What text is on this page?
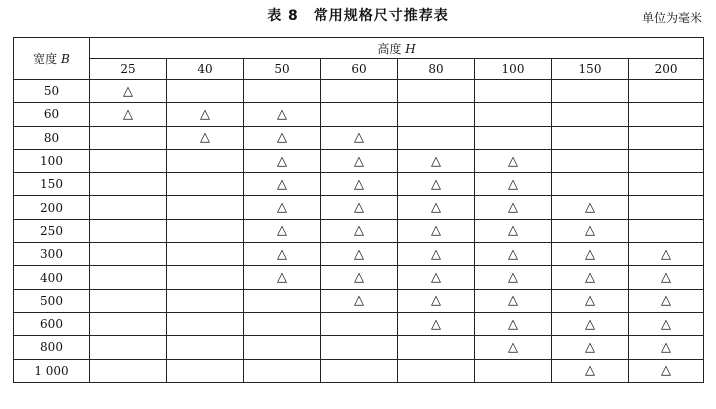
表 8　常用规格尺寸推荐表	单位为毫米
宽度 B	高度 H							
	25	40	50	60	80	100	150	200
50	△							
60	△	△	△					
80		△	△	△				
100			△	△	△	△		
150			△	△	△	△		
200			△	△	△	△	△	
250			△	△	△	△	△	
300			△	△	△	△	△	△
400			△	△	△	△	△	△
500				△	△	△	△	△
600					△	△	△	△
800						△	△	△
1 000							△	△
